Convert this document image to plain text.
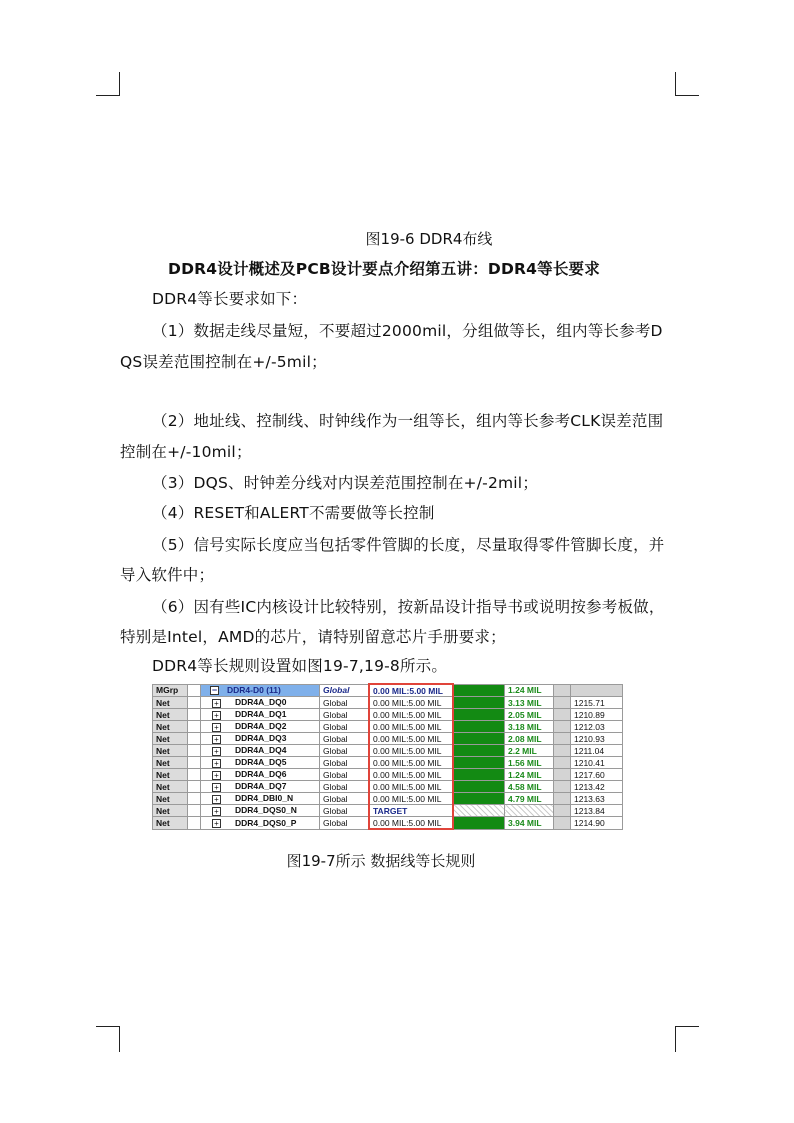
图19-6 DDR4布线
DDR4设计概述及PCB设计要点介绍第五讲：DDR4等长要求
DDR4等长要求如下：
（1）数据走线尽量短，不要超过2000mil，分组做等长，组内等长参考D
QS误差范围控制在+/-5mil；
（2）地址线、控制线、时钟线作为一组等长，组内等长参考CLK误差范围
控制在+/-10mil；
（3）DQS、时钟差分线对内误差范围控制在+/-2mil；
（4）RESET和ALERT不需要做等长控制
（5）信号实际长度应当包括零件管脚的长度，尽量取得零件管脚长度，并
导入软件中；
（6）因有些IC内核设计比较特别，按新品设计指导书或说明按参考板做，
特别是Intel，AMD的芯片，请特别留意芯片手册要求；
DDR4等长规则设置如图19-7,19-8所示。
MGrp		− DDR4-D0 (11)	Global	0.00 MIL:5.00 MIL		1.24 MIL		
Net		+ DDR4A_DQ0	Global	0.00 MIL:5.00 MIL		3.13 MIL		1215.71
Net		+ DDR4A_DQ1	Global	0.00 MIL:5.00 MIL		2.05 MIL		1210.89
Net		+ DDR4A_DQ2	Global	0.00 MIL:5.00 MIL		3.18 MIL		1212.03
Net		+ DDR4A_DQ3	Global	0.00 MIL:5.00 MIL		2.08 MIL		1210.93
Net		+ DDR4A_DQ4	Global	0.00 MIL:5.00 MIL		2.2 MIL		1211.04
Net		+ DDR4A_DQ5	Global	0.00 MIL:5.00 MIL		1.56 MIL		1210.41
Net		+ DDR4A_DQ6	Global	0.00 MIL:5.00 MIL		1.24 MIL		1217.60
Net		+ DDR4A_DQ7	Global	0.00 MIL:5.00 MIL		4.58 MIL		1213.42
Net		+ DDR4_DBI0_N	Global	0.00 MIL:5.00 MIL		4.79 MIL		1213.63
Net		+ DDR4_DQS0_N	Global	TARGET				1213.84
Net		+ DDR4_DQS0_P	Global	0.00 MIL:5.00 MIL		3.94 MIL		1214.90
图19-7所示 数据线等长规则
